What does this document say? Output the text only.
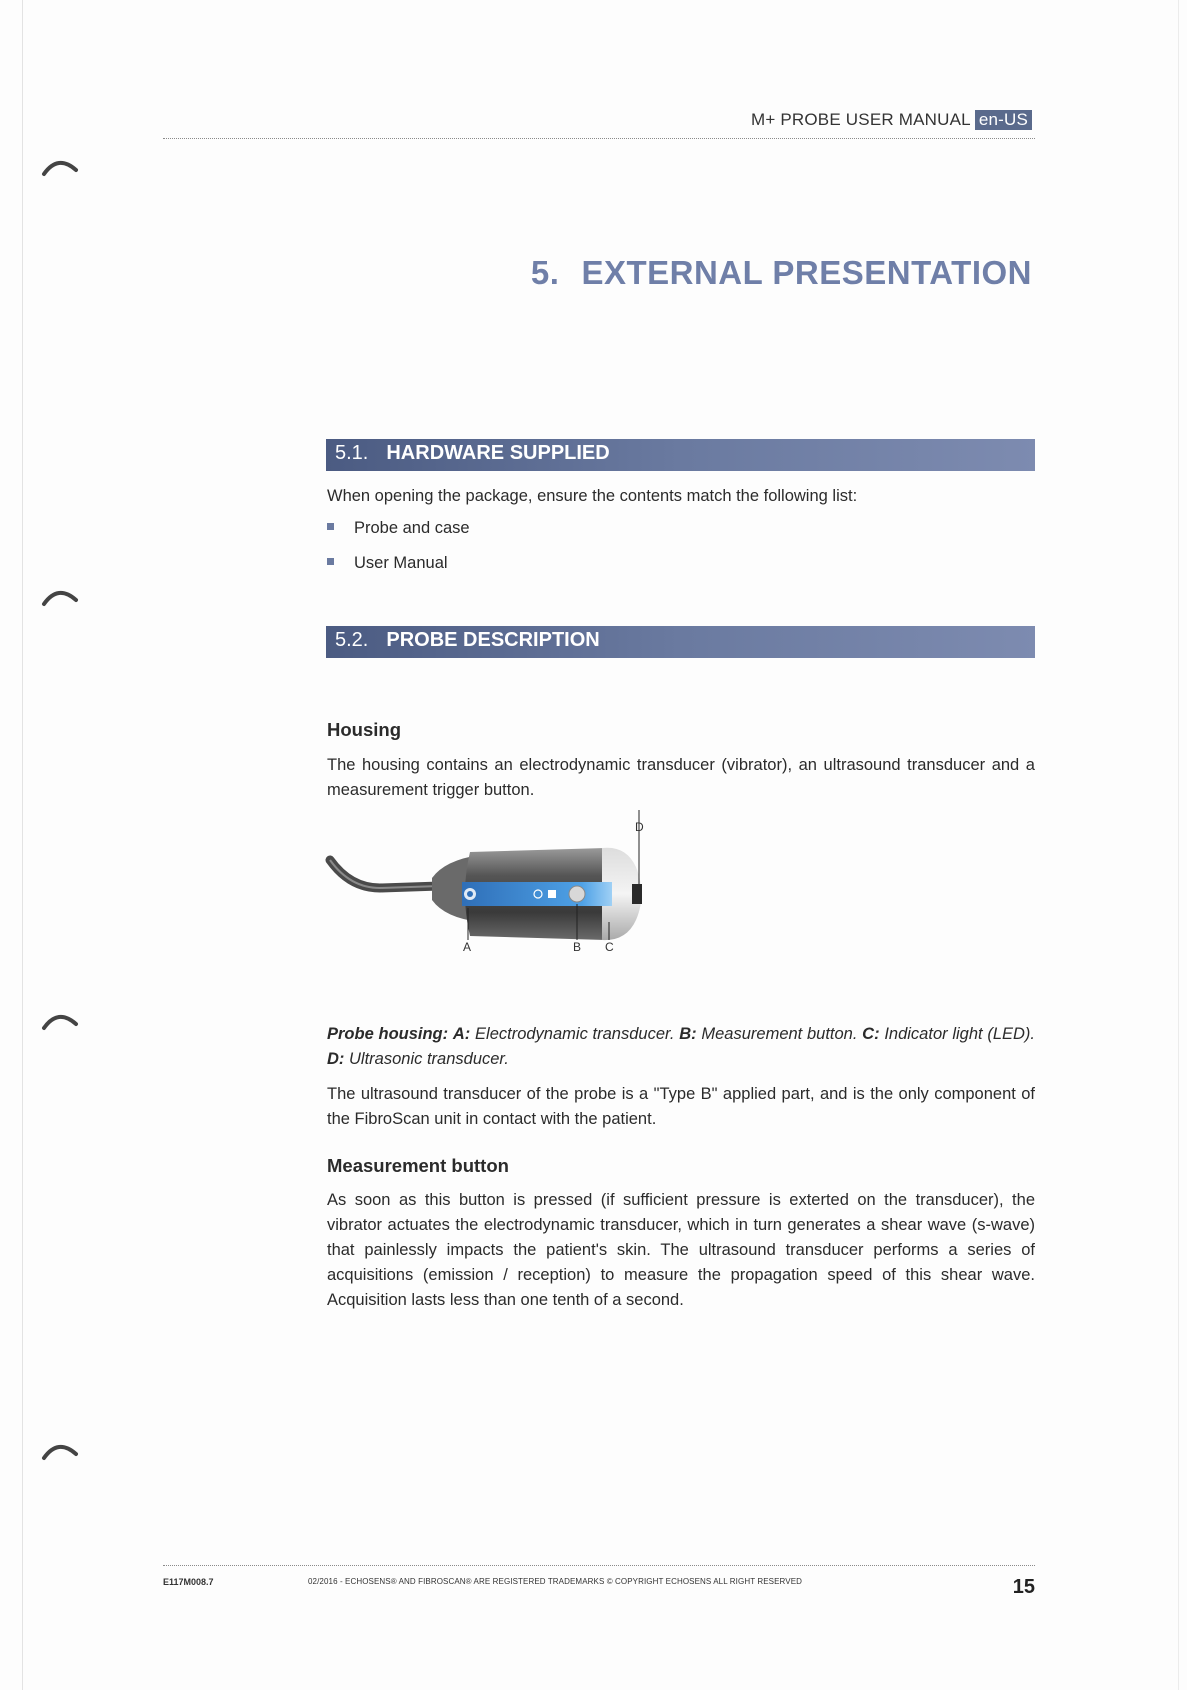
M+ PROBE USER MANUAL en-US
5. EXTERNAL PRESENTATION
5.1. HARDWARE SUPPLIED
When opening the package, ensure the contents match the following list:
Probe and case
User Manual
5.2. PROBE DESCRIPTION
Housing
The housing contains an electrodynamic transducer (vibrator), an ultrasound transducer and a measurement trigger button.
A	B C
D
Probe housing: A: Electrodynamic transducer. B: Measurement button. C: Indicator light (LED). D: Ultrasonic transducer.
The ultrasound transducer of the probe is a "Type B" applied part, and is the only component of the FibroScan unit in contact with the patient.
Measurement button
As soon as this button is pressed (if sufficient pressure is exterted on the transducer), the vibrator actuates the electrodynamic transducer, which in turn generates a shear wave (s-wave) that painlessly impacts the patient's skin. The ultrasound transducer performs a series of acquisitions (emission / reception) to measure the propagation speed of this shear wave. Acquisition lasts less than one tenth of a second.
E117M008.7	02/2016 - ECHOSENS® AND FIBROSCAN® ARE REGISTERED TRADEMARKS © COPYRIGHT ECHOSENS ALL RIGHT RESERVED	15
